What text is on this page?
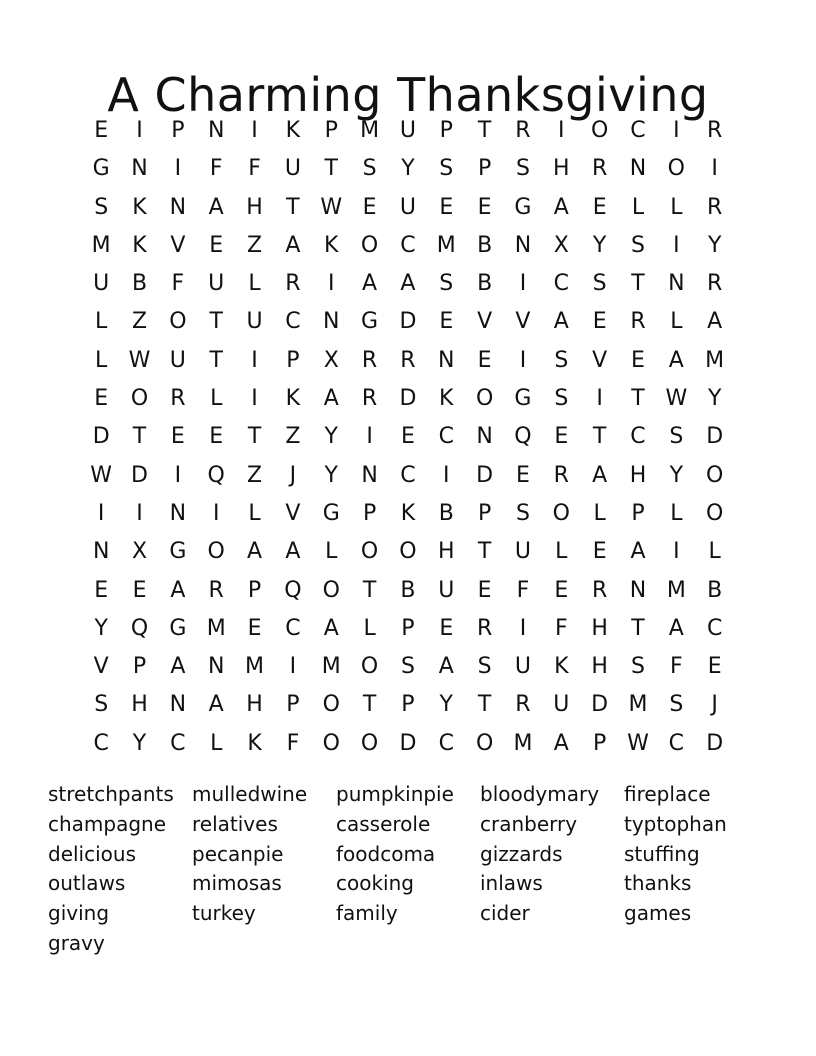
A Charming Thanksgiving
E	I	P	N	I	K	P	M U	P	T	R	I	O	C	I	R
G N	I	F	F	U	T	S	Y	S	P	S	H	R	N O	I
S	K	N	A	H	T W E	U	E	E	G	A	E	L	L	R
M K	V	E	Z	A	K	O	C M B	N	X	Y	S	I	Y
U	B	F	U	L	R	I	A	A	S	B	I	C	S	T	N	R
L	Z	O	T	U	C	N G D	E	V	V	A	E	R	L	A
L W U	T	I	P	X	R	R	N	E	I	S	V	E	A M
E	O	R	L	I	K	A	R	D	K	O G	S	I	T W Y
D	T	E	E	T	Z	Y	I	E	C	N Q	E	T	C	S	D
W D	I	Q	Z	J	Y	N	C	I	D	E	R	A	H	Y	O
I	I	N	I	L	V	G	P	K	B	P	S	O	L	P	L	O
N	X	G O	A	A	L	O O H	T	U	L	E	A	I	L
E	E	A	R	P	Q O	T	B	U	E	F	E	R	N M B
Y	Q G M E	C	A	L	P	E	R	I	F	H	T	A	C
V	P	A	N M	I	M O	S	A	S	U	K	H	S	F	E
S	H N	A	H	P	O	T	P	Y	T	R	U D M S	J
C	Y	C	L	K	F	O O D	C O M A	P W C	D
stretchpants mulledwine	pumpkinpie	bloodymary	fireplace
champagne	relatives	casserole	cranberry	typtophan
delicious	pecanpie	foodcoma	gizzards	stuffing
outlaws	mimosas	cooking	inlaws	thanks
giving	turkey	family	cider	games
gravy
